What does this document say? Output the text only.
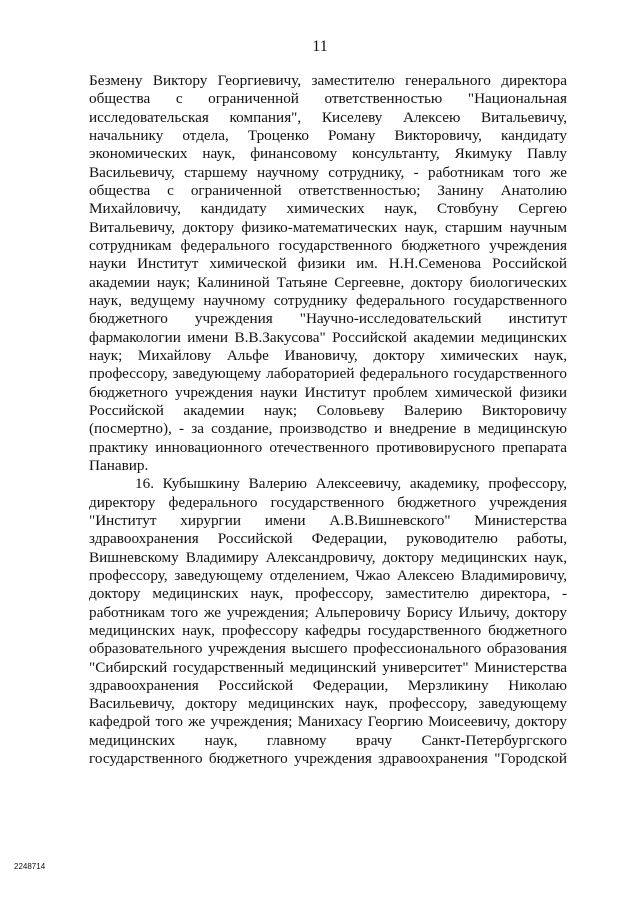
11
Безмену Виктору Георгиевичу, заместителю генерального директора
общества с ограниченной ответственностью "Национальная
исследовательская компания", Киселеву Алексею Витальевичу,
начальнику отдела, Троценко Роману Викторовичу, кандидату
экономических наук, финансовому консультанту, Якимуку Павлу
Васильевичу, старшему научному сотруднику, - работникам того же
общества с ограниченной ответственностью; Занину Анатолию
Михайловичу, кандидату химических наук, Стовбуну Сергею
Витальевичу, доктору физико-математических наук, старшим научным
сотрудникам федерального государственного бюджетного учреждения
науки Институт химической физики им. Н.Н.Семенова Российской
академии наук; Калининой Татьяне Сергеевне, доктору биологических
наук, ведущему научному сотруднику федерального государственного
бюджетного учреждения "Научно-исследовательский институт
фармакологии имени В.В.Закусова" Российской академии медицинских
наук; Михайлову Альфе Ивановичу, доктору химических наук,
профессору, заведующему лабораторией федерального государственного
бюджетного учреждения науки Институт проблем химической физики
Российской академии наук; Соловьеву Валерию Викторовичу
(посмертно), - за создание, производство и внедрение в медицинскую
практику инновационного отечественного противовирусного препарата
Панавир.
16. Кубышкину Валерию Алексеевичу, академику, профессору,
директору федерального государственного бюджетного учреждения
"Институт хирургии имени А.В.Вишневского" Министерства
здравоохранения Российской Федерации, руководителю работы,
Вишневскому Владимиру Александровичу, доктору медицинских наук,
профессору, заведующему отделением, Чжао Алексею Владимировичу,
доктору медицинских наук, профессору, заместителю директора, -
работникам того же учреждения; Альперовичу Борису Ильичу, доктору
медицинских наук, профессору кафедры государственного бюджетного
образовательного учреждения высшего профессионального образования
"Сибирский государственный медицинский университет" Министерства
здравоохранения Российской Федерации, Мерзликину Николаю
Васильевичу, доктору медицинских наук, профессору, заведующему
кафедрой того же учреждения; Манихасу Георгию Моисеевичу, доктору
медицинских наук, главному врачу Санкт-Петербургского
государственного бюджетного учреждения здравоохранения "Городской
2248714
